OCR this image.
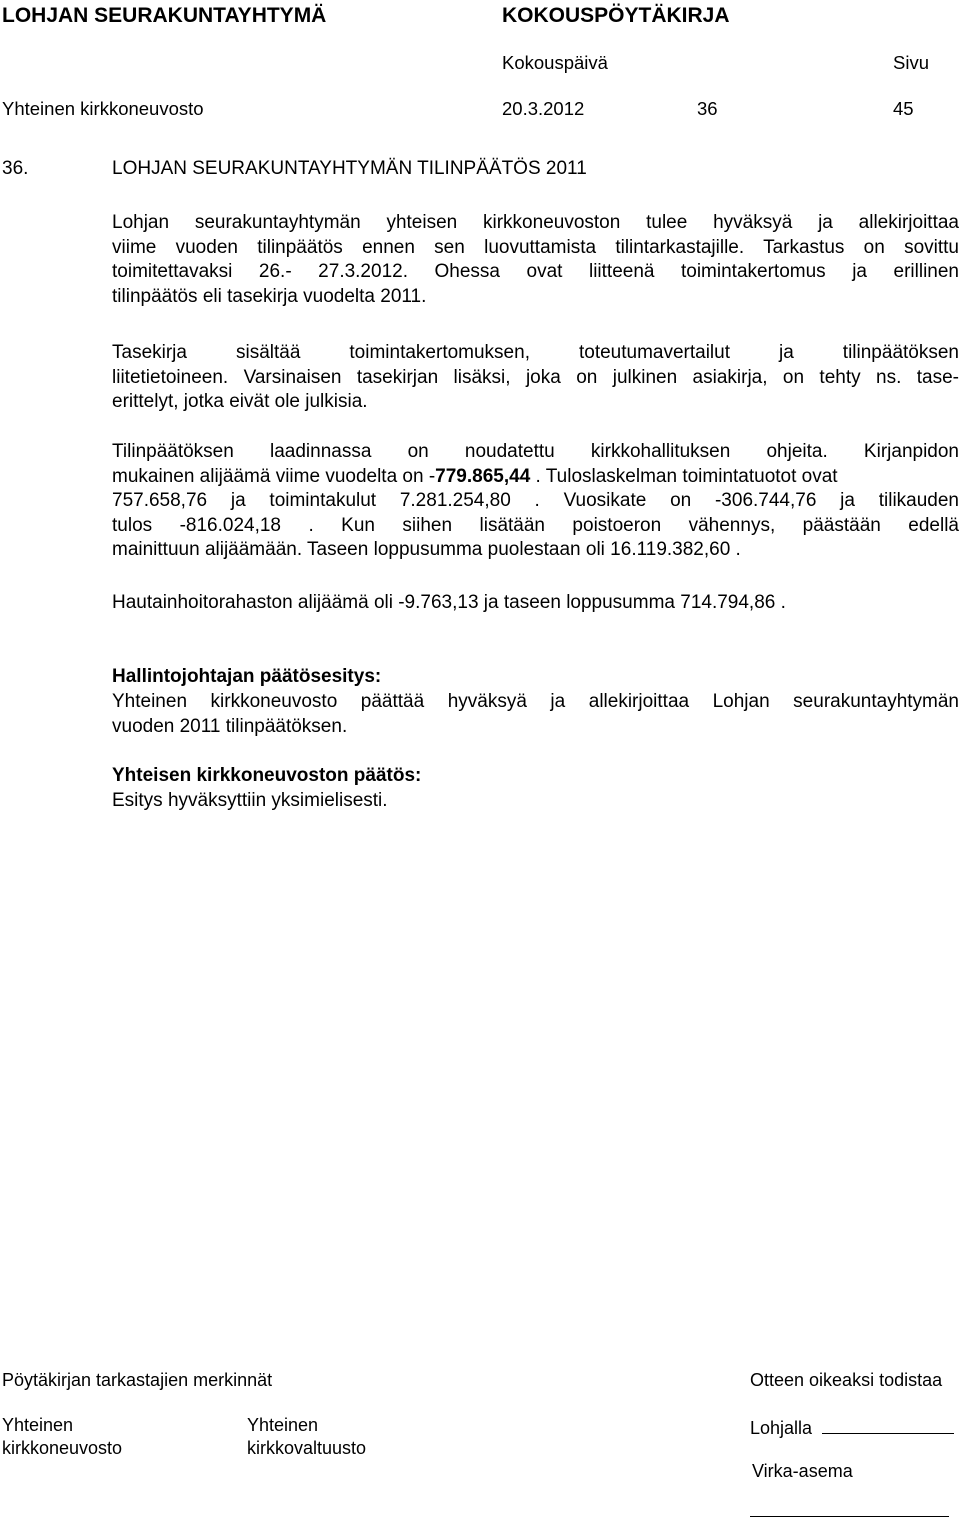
LOHJAN SEURAKUNTAYHTYMÄ	KOKOUSPÖYTÄKIRJA
Kokouspäivä	Sivu
Yhteinen kirkkoneuvosto	20.3.2012	36	45
36.	LOHJAN SEURAKUNTAYHTYMÄN TILINPÄÄTÖS 2011
Lohjan seurakuntayhtymän yhteisen kirkkoneuvoston tulee hyväksyä ja allekirjoittaa
viime vuoden tilinpäätös ennen sen luovuttamista tilintarkastajille. Tarkastus on sovittu
toimitettavaksi 26.- 27.3.2012. Ohessa ovat liitteenä toimintakertomus ja erillinen
tilinpäätös eli tasekirja vuodelta 2011.
Tasekirja sisältää toimintakertomuksen, toteutumavertailut ja tilinpäätöksen
liitetietoineen. Varsinaisen tasekirjan lisäksi, joka on julkinen asiakirja, on tehty ns. tase-
erittelyt, jotka eivät ole julkisia.
Tilinpäätöksen laadinnassa on noudatettu kirkkohallituksen ohjeita. Kirjanpidon
mukainen alijäämä viime vuodelta on -779.865,44 . Tuloslaskelman toimintatuotot ovat
757.658,76 ja toimintakulut 7.281.254,80 . Vuosikate on -306.744,76 ja tilikauden
tulos -816.024,18 . Kun siihen lisätään poistoeron vähennys, päästään edellä
mainittuun alijäämään. Taseen loppusumma puolestaan oli 16.119.382,60 .
Hautainhoitorahaston alijäämä oli -9.763,13 ja taseen loppusumma 714.794,86 .
Hallintojohtajan päätösesitys:
Yhteinen kirkkoneuvosto päättää hyväksyä ja allekirjoittaa Lohjan seurakuntayhtymän
vuoden 2011 tilinpäätöksen.
Yhteisen kirkkoneuvoston päätös:
Esitys hyväksyttiin yksimielisesti.
Pöytäkirjan tarkastajien merkinnät	Otteen oikeaksi todistaa
Yhteinen
kirkkoneuvosto
Yhteinen
kirkkovaltuusto
Lohjalla
Virka-asema
